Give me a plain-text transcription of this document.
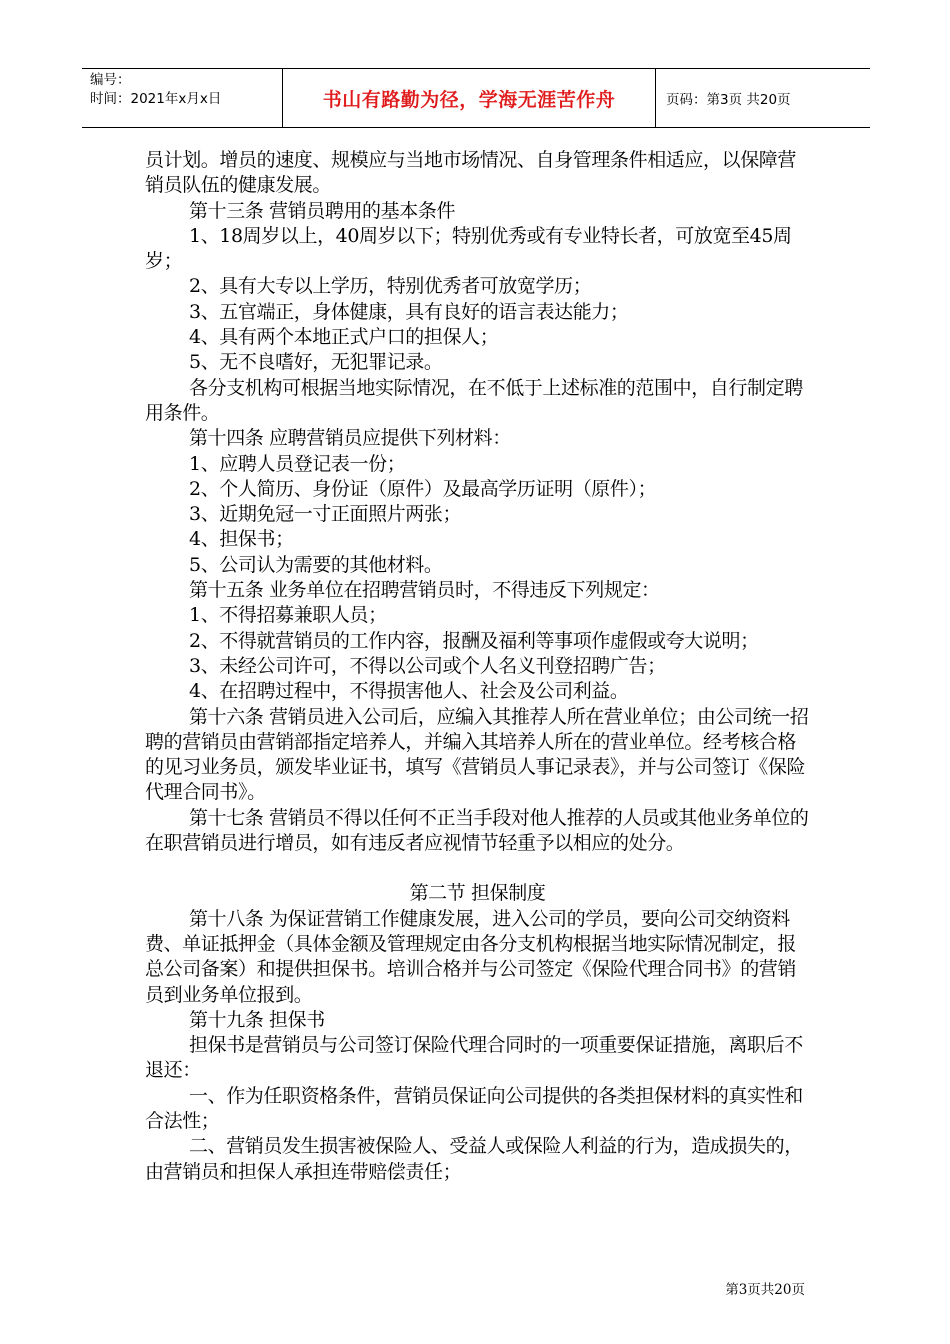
编号：
时间：2021年x月x日	书山有路勤为径，学海无涯苦作舟	页码：第3页 共20页

员计划。增员的速度、规模应与当地市场情况、自身管理条件相适应，以保障营销员队伍的健康发展。

第十三条 营销员聘用的基本条件

1、18周岁以上，40周岁以下；特别优秀或有专业特长者，可放宽至45周岁；

2、具有大专以上学历，特别优秀者可放宽学历；

3、五官端正，身体健康，具有良好的语言表达能力；

4、具有两个本地正式户口的担保人；

5、无不良嗜好，无犯罪记录。

各分支机构可根据当地实际情况，在不低于上述标准的范围中，自行制定聘用条件。

第十四条 应聘营销员应提供下列材料：

1、应聘人员登记表一份；

2、个人简历、身份证（原件）及最高学历证明（原件）；

3、近期免冠一寸正面照片两张；

4、担保书；

5、公司认为需要的其他材料。

第十五条 业务单位在招聘营销员时，不得违反下列规定：

1、不得招募兼职人员；

2、不得就营销员的工作内容，报酬及福利等事项作虚假或夸大说明；

3、未经公司许可，不得以公司或个人名义刊登招聘广告；

4、在招聘过程中，不得损害他人、社会及公司利益。

第十六条 营销员进入公司后，应编入其推荐人所在营业单位；由公司统一招聘的营销员由营销部指定培养人，并编入其培养人所在的营业单位。经考核合格的见习业务员，颁发毕业证书，填写《营销员人事记录表》，并与公司签订《保险代理合同书》。

第十七条 营销员不得以任何不正当手段对他人推荐的人员或其他业务单位的在职营销员进行增员，如有违反者应视情节轻重予以相应的处分。

第二节 担保制度

第十八条 为保证营销工作健康发展，进入公司的学员，要向公司交纳资料费、单证抵押金（具体金额及管理规定由各分支机构根据当地实际情况制定，报总公司备案）和提供担保书。培训合格并与公司签定《保险代理合同书》的营销员到业务单位报到。

第十九条 担保书

担保书是营销员与公司签订保险代理合同时的一项重要保证措施，离职后不退还：

一、作为任职资格条件，营销员保证向公司提供的各类担保材料的真实性和合法性；

二、营销员发生损害被保险人、受益人或保险人利益的行为，造成损失的，由营销员和担保人承担连带赔偿责任；

第3页共20页
